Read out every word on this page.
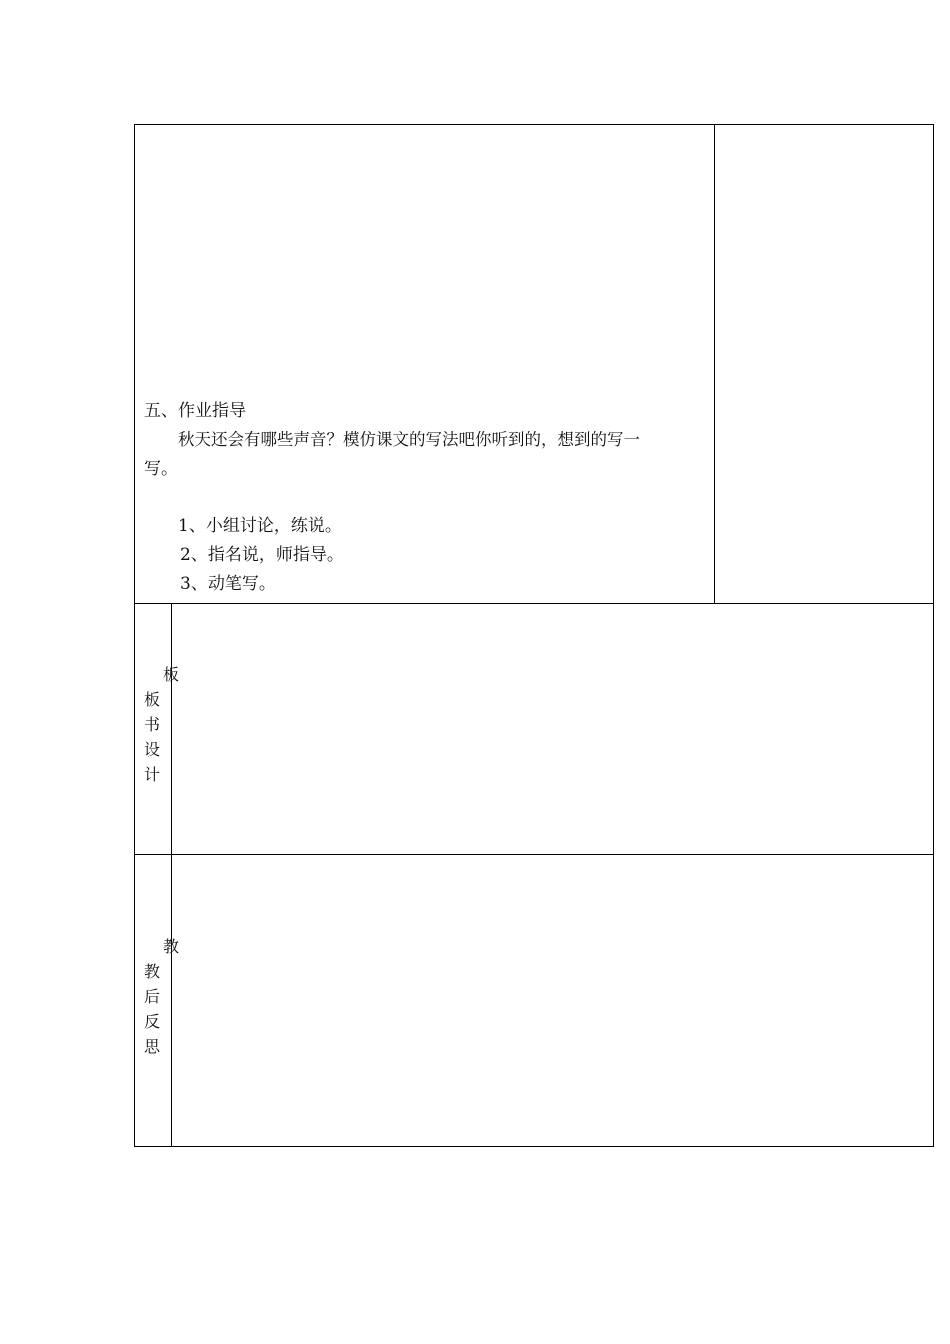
五、作业指导
秋天还会有哪些声音？模仿课文的写法吧你听到的，想到的写一
写。
1、小组讨论，练说。
2、指名说，师指导。
3、动笔写。
板
板
书
设
计
教
教
后
反
思
